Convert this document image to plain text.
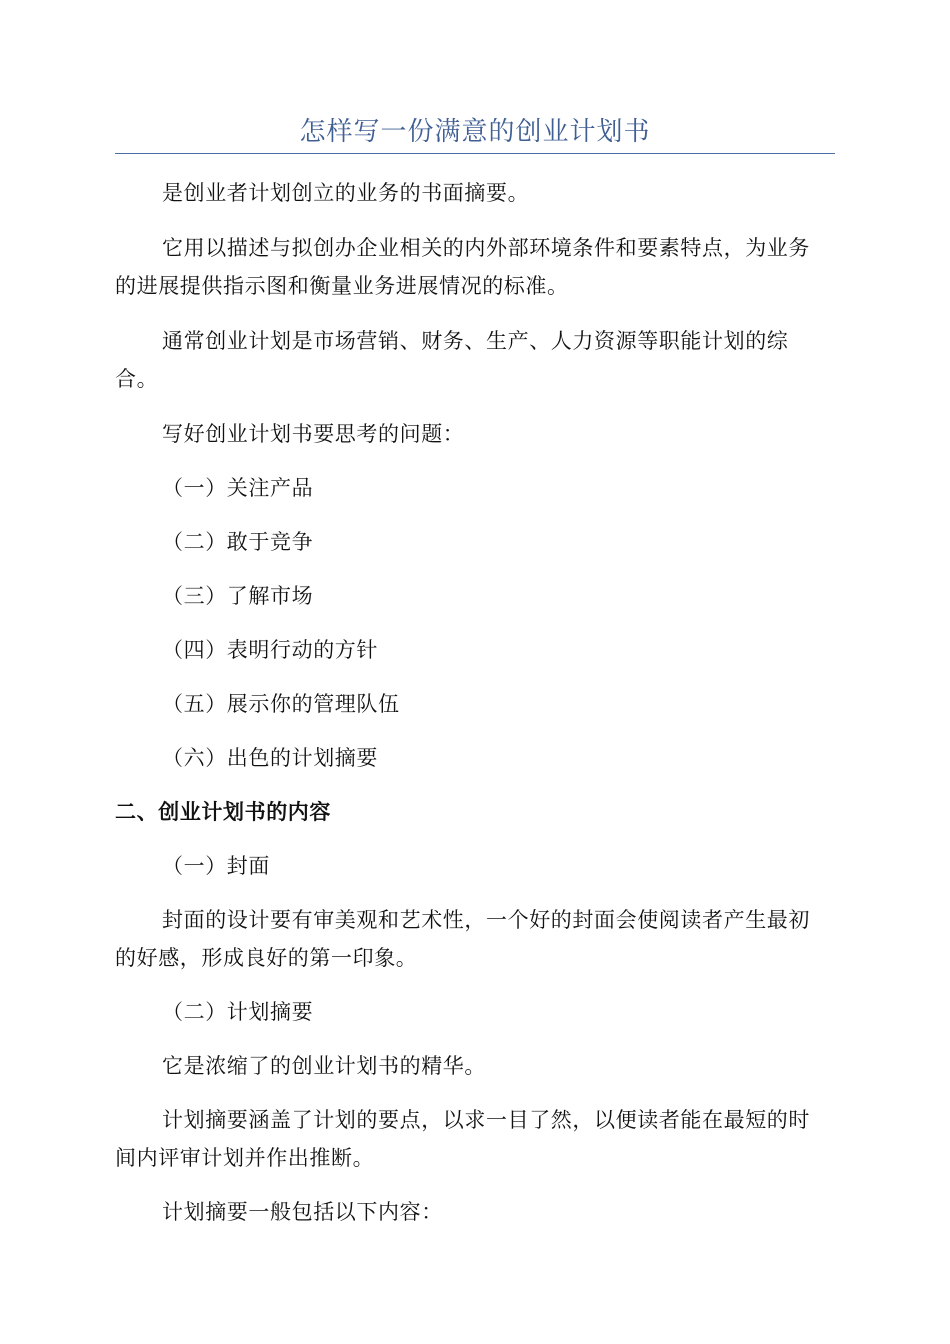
怎样写一份满意的创业计划书
是创业者计划创立的业务的书面摘要。
它用以描述与拟创办企业相关的内外部环境条件和要素特点，为业务
的进展提供指示图和衡量业务进展情况的标准。
通常创业计划是市场营销、财务、生产、人力资源等职能计划的综
合。
写好创业计划书要思考的问题：
（一）关注产品
（二）敢于竞争
（三）了解市场
（四）表明行动的方针
（五）展示你的管理队伍
（六）出色的计划摘要
二、创业计划书的内容
（一）封面
封面的设计要有审美观和艺术性，一个好的封面会使阅读者产生最初
的好感，形成良好的第一印象。
（二）计划摘要
它是浓缩了的创业计划书的精华。
计划摘要涵盖了计划的要点，以求一目了然，以便读者能在最短的时
间内评审计划并作出推断。
计划摘要一般包括以下内容：
